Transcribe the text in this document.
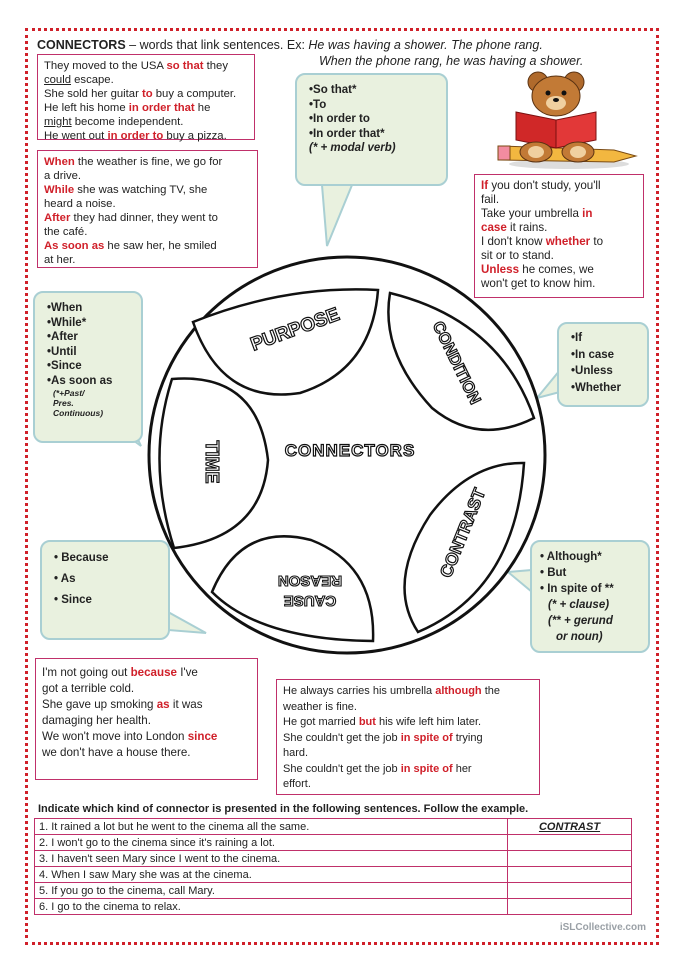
CONNECTORS – words that link sentences. Ex: He was having a shower. The phone rang.
When the phone rang, he was having a shower.

They moved to the USA so that they

could escape.

She sold her guitar to buy a computer.

He left his home in order that he

might become independent.

He went out in order to buy a pizza.

When the weather is fine, we go for

a drive.

While she was watching TV, she

heard a noise.

After they had dinner, they went to

the café.

As soon as he saw her, he smiled

at her.

If you don't study, you'll

fail.

Take your umbrella in

case it rains.

I don't know whether to

sit or to stand.

Unless he comes, we

won't get to know him.

I'm not going out because I've

got a terrible cold.

She gave up smoking as it was

damaging her health.

We won't move into London since

we don't have a house there.

He always carries his umbrella although the

weather is fine.

He got married but his wife left him later.

She couldn't get the job in spite of trying

hard.

She couldn't get the job in spite of her

effort.

CONNECTORS
PURPOSE	CONDITION
CONTRAST
REASON
CAUSE
TIME

•So that*

•To

•In order to

•In order that*

(* + modal verb)

•When

•While*

•After

•Until

•Since

•As soon as

(*+Past/

Pres.

Continuous)

•If

•In case

•Unless

•Whether

• Because

• As

• Since

• Although*

• But

• In spite of **

(* + clause)

(** + gerund

or noun)

Indicate which kind of connector is presented in the following sentences. Follow the example.
1. It rained a lot but he went to the cinema all the same.	CONTRAST
2. I won't go to the cinema since it's raining a lot.	
3. I haven't seen Mary since I went to the cinema.	
4. When I saw Mary she was at the cinema.	
5. If you go to the cinema, call Mary.	
6. I go to the cinema to relax.	
iSLCollective.com
